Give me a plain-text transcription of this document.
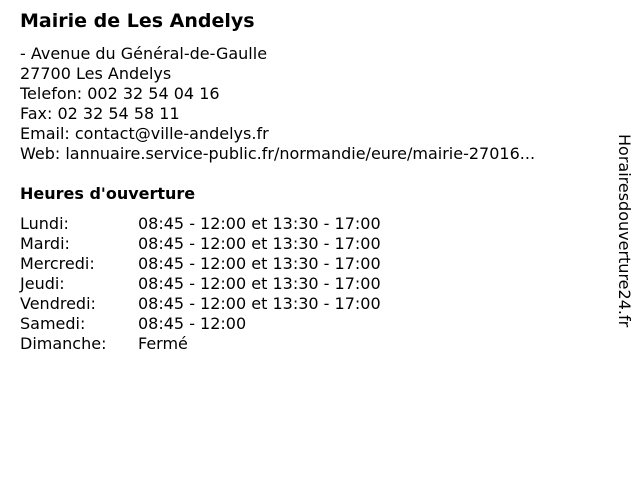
Mairie de Les Andelys
- Avenue du Général-de-Gaulle
27700 Les Andelys
Telefon: 002 32 54 04 16
Fax: 02 32 54 58 11
Email: contact@ville-andelys.fr
Web: lannuaire.service-public.fr/normandie/eure/mairie-27016...
Heures d'ouverture
Lundi:	08:45 - 12:00 et 13:30 - 17:00
Mardi:	08:45 - 12:00 et 13:30 - 17:00
Mercredi:	08:45 - 12:00 et 13:30 - 17:00
Jeudi:	08:45 - 12:00 et 13:30 - 17:00
Vendredi:	08:45 - 12:00 et 13:30 - 17:00
Samedi:	08:45 - 12:00
Dimanche:	Fermé
Horairesdouverture24.fr
